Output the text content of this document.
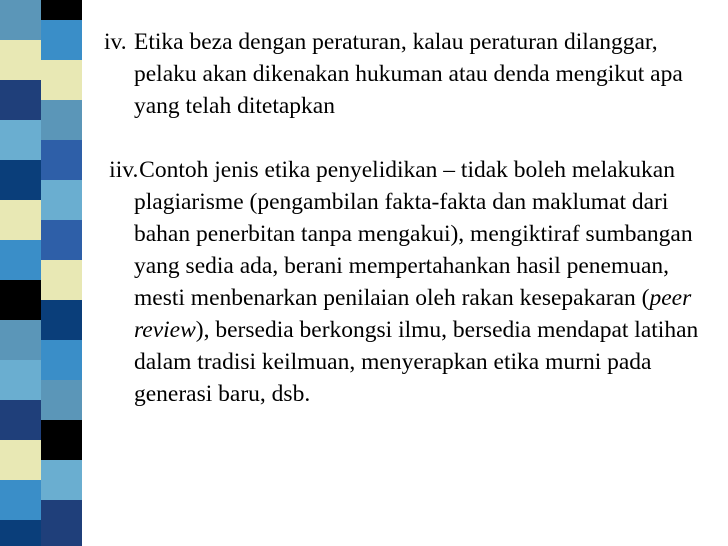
iv. Etika beza dengan peraturan, kalau peraturan dilanggar, pelaku akan dikenakan hukuman atau denda mengikut apa yang telah ditetapkan

iiv. Contoh jenis etika penyelidikan – tidak boleh melakukan plagiarisme (pengambilan fakta-fakta dan maklumat dari bahan penerbitan tanpa mengakui), mengiktiraf sumbangan yang sedia ada, berani mempertahankan hasil penemuan, mesti menbenarkan penilaian oleh rakan kesepakaran (peer review), bersedia berkongsi ilmu, bersedia mendapat latihan dalam tradisi keilmuan, menyerapkan etika murni pada generasi baru, dsb.
